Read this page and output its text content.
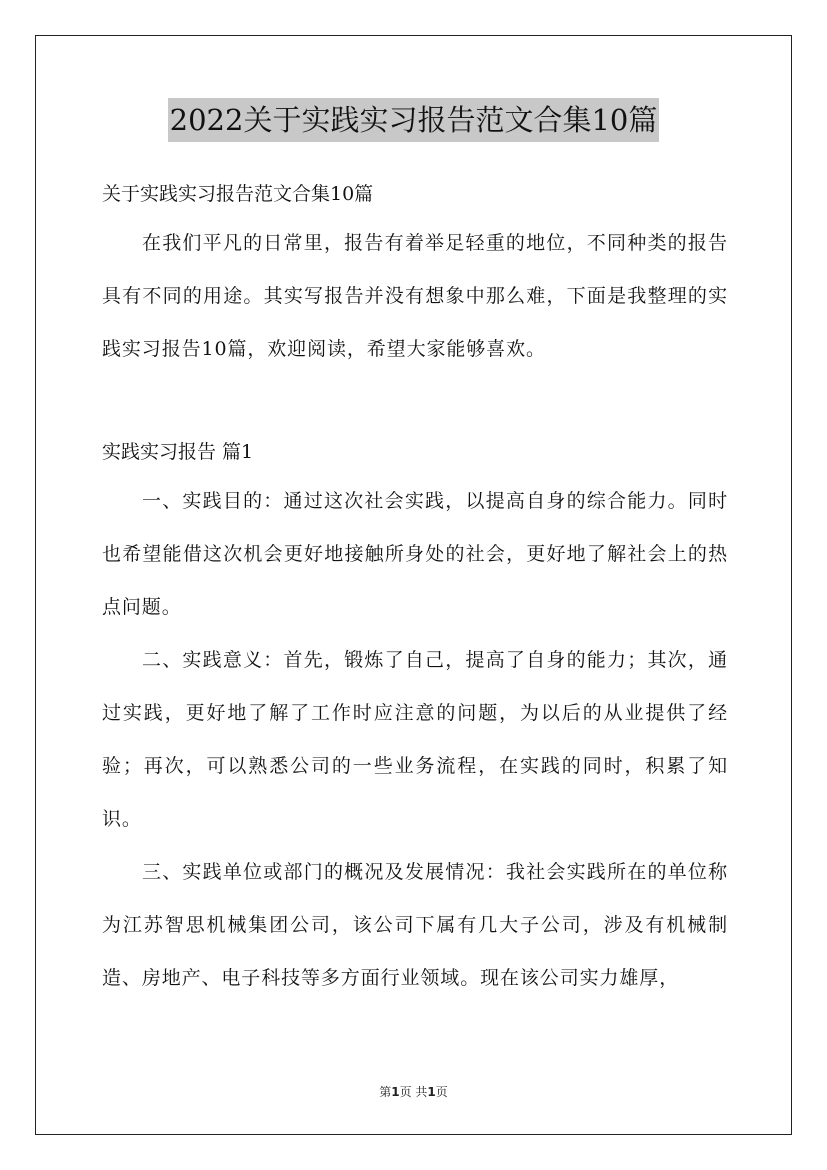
2022关于实践实习报告范文合集10篇

关于实践实习报告范文合集10篇

在我们平凡的日常里，报告有着举足轻重的地位，不同种类的报告具有不同的用途。其实写报告并没有想象中那么难，下面是我整理的实践实习报告10篇，欢迎阅读，希望大家能够喜欢。

实践实习报告 篇1

一、实践目的：通过这次社会实践，以提高自身的综合能力。同时也希望能借这次机会更好地接触所身处的社会，更好地了解社会上的热点问题。

二、实践意义：首先，锻炼了自己，提高了自身的能力；其次，通过实践，更好地了解了工作时应注意的问题，为以后的从业提供了经验；再次，可以熟悉公司的一些业务流程，在实践的同时，积累了知识。

三、实践单位或部门的概况及发展情况：我社会实践所在的单位称为江苏智思机械集团公司，该公司下属有几大子公司，涉及有机械制造、房地产、电子科技等多方面行业领域。现在该公司实力雄厚，

第1页 共1页
